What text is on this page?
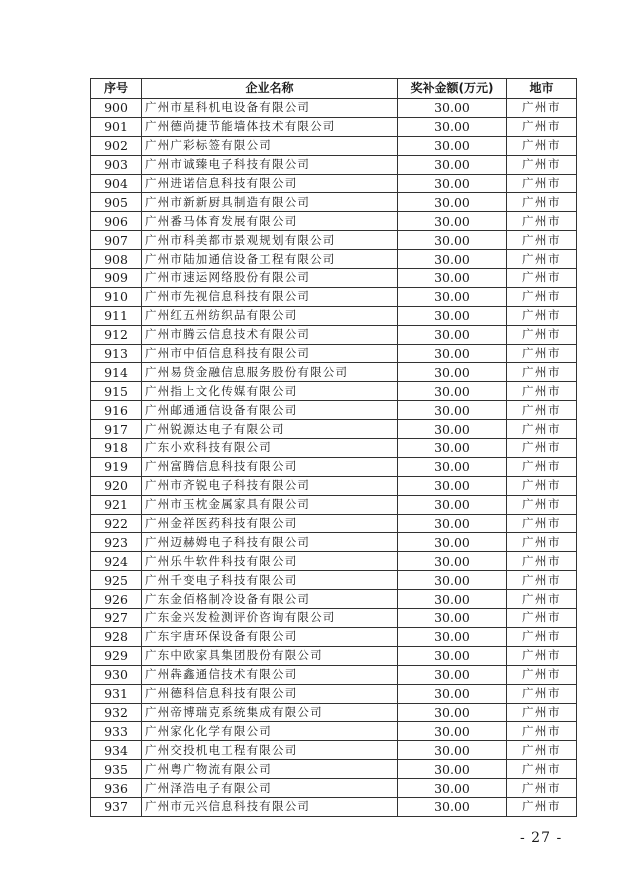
序号	企业名称	奖补金额(万元)	地市
900	广州市星科机电设备有限公司	30.00	广州市
901	广州德尚捷节能墙体技术有限公司	30.00	广州市
902	广州广彩标签有限公司	30.00	广州市
903	广州市诚臻电子科技有限公司	30.00	广州市
904	广州进诺信息科技有限公司	30.00	广州市
905	广州市新新厨具制造有限公司	30.00	广州市
906	广州番马体育发展有限公司	30.00	广州市
907	广州市科美都市景观规划有限公司	30.00	广州市
908	广州市陆加通信设备工程有限公司	30.00	广州市
909	广州市速运网络股份有限公司	30.00	广州市
910	广州市先视信息科技有限公司	30.00	广州市
911	广州红五州纺织品有限公司	30.00	广州市
912	广州市腾云信息技术有限公司	30.00	广州市
913	广州市中佰信息科技有限公司	30.00	广州市
914	广州易贷金融信息服务股份有限公司	30.00	广州市
915	广州指上文化传媒有限公司	30.00	广州市
916	广州邮通通信设备有限公司	30.00	广州市
917	广州锐源达电子有限公司	30.00	广州市
918	广东小欢科技有限公司	30.00	广州市
919	广州富腾信息科技有限公司	30.00	广州市
920	广州市齐锐电子科技有限公司	30.00	广州市
921	广州市玉枕金属家具有限公司	30.00	广州市
922	广州金祥医药科技有限公司	30.00	广州市
923	广州迈赫姆电子科技有限公司	30.00	广州市
924	广州乐牛软件科技有限公司	30.00	广州市
925	广州千变电子科技有限公司	30.00	广州市
926	广东金佰格制冷设备有限公司	30.00	广州市
927	广东金兴发检测评价咨询有限公司	30.00	广州市
928	广东宇唐环保设备有限公司	30.00	广州市
929	广东中欧家具集团股份有限公司	30.00	广州市
930	广州犇鑫通信技术有限公司	30.00	广州市
931	广州德科信息科技有限公司	30.00	广州市
932	广州帝博瑞克系统集成有限公司	30.00	广州市
933	广州家化化学有限公司	30.00	广州市
934	广州交投机电工程有限公司	30.00	广州市
935	广州粤广物流有限公司	30.00	广州市
936	广州泽浩电子有限公司	30.00	广州市
937	广州市元兴信息科技有限公司	30.00	广州市
- 27 -
